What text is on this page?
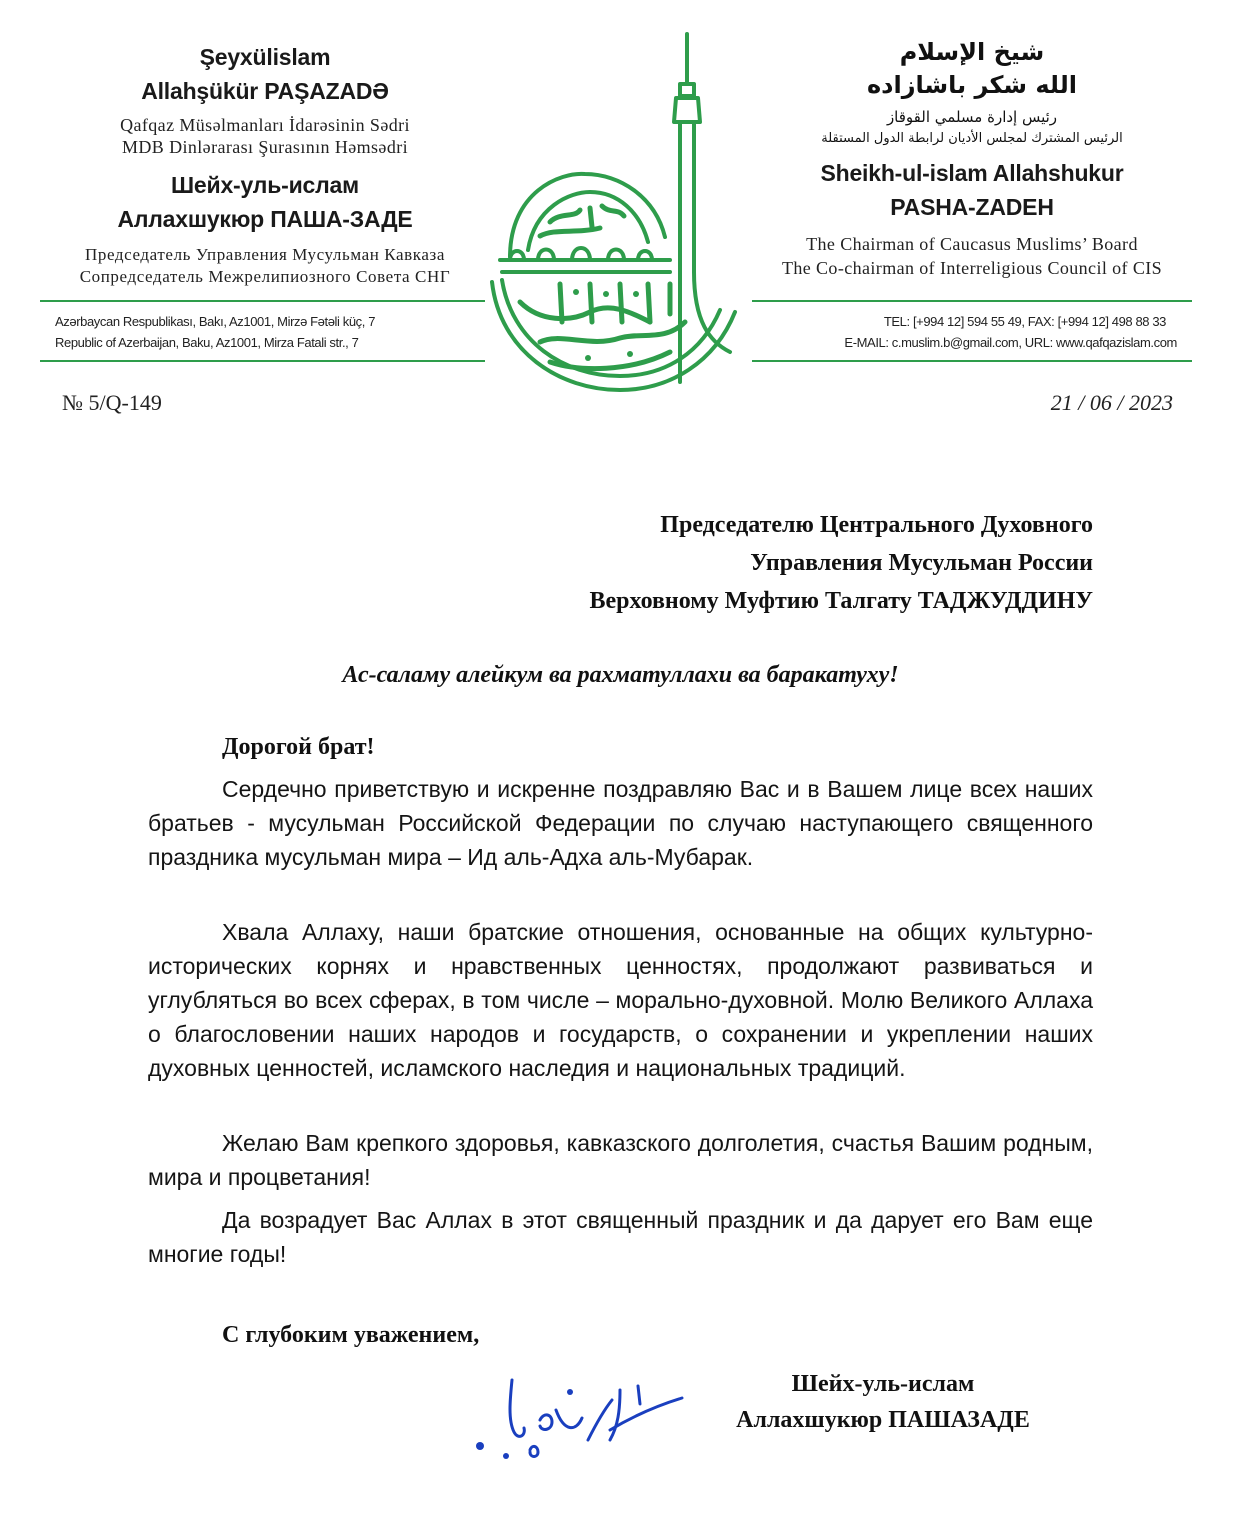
Şeyxülislam
Allahşükür PAŞAZADƏ
Qafqaz Müsəlmanları İdarəsinin Sədri
MDB Dinlərarası Şurasının Həmsədri
Шейх-уль-ислам
Аллахшукюр ПАША-ЗАДЕ
Председатель Управления Мусульман Кавказа
Сопредседатель Межрелипиозного Совета СНГ
Azərbaycan Respublikası, Bakı, Az1001, Mirzə Fətəli küç, 7
Republic of Azerbaijan, Baku, Az1001, Mirza Fatali str., 7
شيخ الإسلام
الله شكر باشازاده
رئيس إدارة مسلمي القوقاز
الرئيس المشترك لمجلس الأديان لرابطة الدول المستقلة
Sheikh-ul-islam Allahshukur
PASHA-ZADEH
The Chairman of Caucasus Muslims’ Board
The Co-chairman of Interreligious Council of CIS
TEL: [+994 12] 594 55 49, FAX: [+994 12] 498 88 33
E-MAIL: c.muslim.b@gmail.com, URL: www.qafqazislam.com
№ 5/Q-149	21 / 06 / 2023
Председателю Центрального Духовного
Управления Мусульман России
Верховному Муфтию Талгату ТАДЖУДДИНУ
Ас-саламу алейкум ва рахматуллахи ва баракатуху!
Дорогой брат!

Сердечно приветствую и искренне поздравляю Вас и в Вашем лице всех наших братьев - мусульман Российской Федерации по случаю наступающего священного праздника мусульман мира – Ид аль-Адха аль-Мубарак.

Хвала Аллаху, наши братские отношения, основанные на общих культурно-исторических корнях и нравственных ценностях, продолжают развиваться и углубляться во всех сферах, в том числе – морально-духовной. Молю Великого Аллаха о благословении наших народов и государств, о сохранении и укреплении наших духовных ценностей, исламского наследия и национальных традиций.

Желаю Вам крепкого здоровья, кавказского долголетия, счастья Вашим родным, мира и процветания!

Да возрадует Вас Аллах в этот священный праздник и да дарует его Вам еще многие годы!

С глубоким уважением,
Шейх-уль-ислам
Аллахшукюр ПАШАЗАДЕ
